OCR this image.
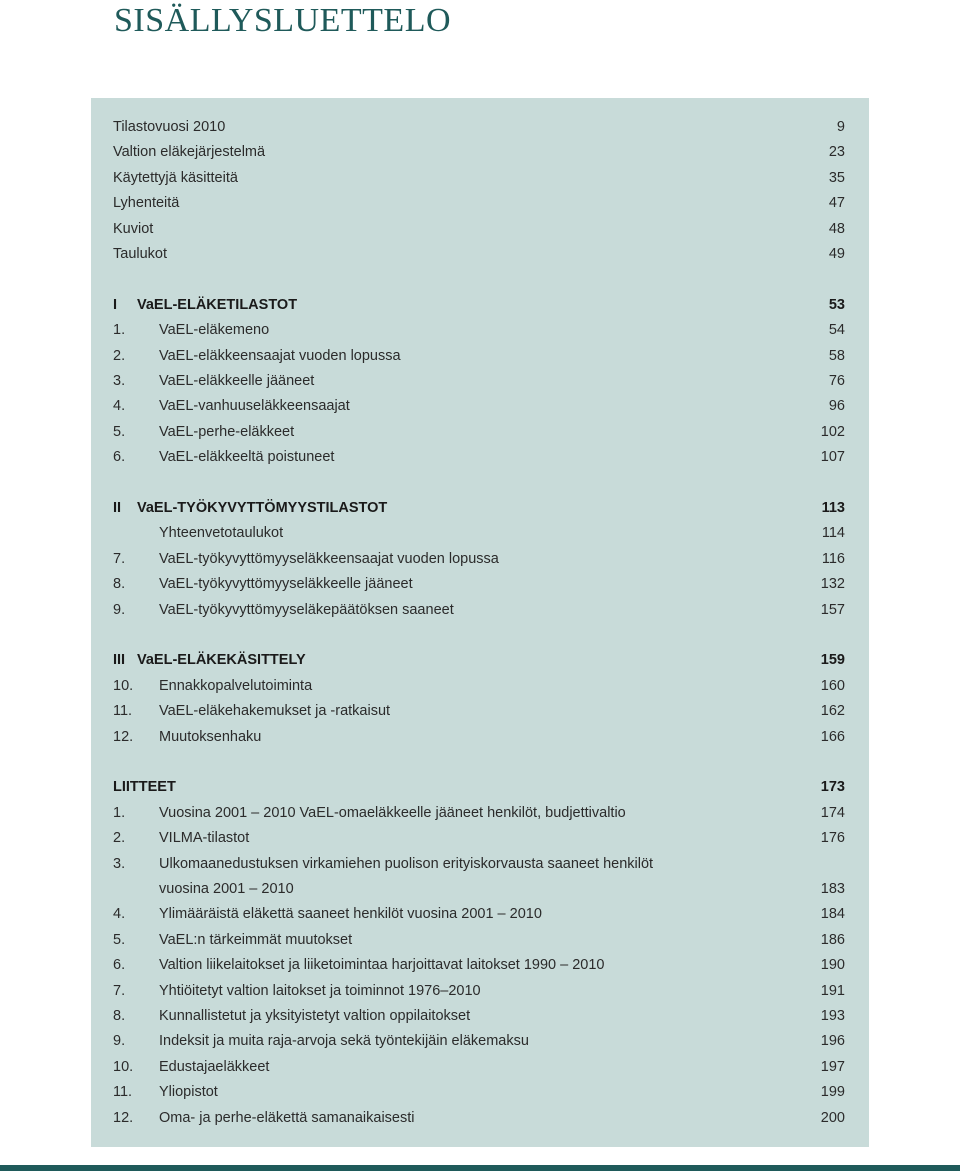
SISÄLLYSLUETTELO
Tilastovuosi 2010	9
Valtion eläkejärjestelmä	23
Käytettyjä käsitteitä	35
Lyhenteitä	47
Kuviot	48
Taulukot	49
I VaEL-ELÄKETILASTOT	53
1. VaEL-eläkemeno	54
2. VaEL-eläkkeensaajat vuoden lopussa	58
3. VaEL-eläkkeelle jääneet	76
4. VaEL-vanhuuseläkkeensaajat	96
5. VaEL-perhe-eläkkeet	102
6. VaEL-eläkkeeltä poistuneet	107
II VaEL-TYÖKYVYTTÖMYYSTILASTOT	113
Yhteenvetotaulukot	114
7. VaEL-työkyvyttömyyseläkkeensaajat vuoden lopussa	116
8. VaEL-työkyvyttömyyseläkkeelle jääneet	132
9. VaEL-työkyvyttömyyseläkepäätöksen saaneet	157
III VaEL-ELÄKEKÄSITTELY	159
10. Ennakkopalvelutoiminta	160
11. VaEL-eläkehakemukset ja -ratkaisut	162
12. Muutoksenhaku	166
LIITTEET	173
1. Vuosina 2001 – 2010 VaEL-omaeläkkeelle jääneet henkilöt, budjettivaltio	174
2. VILMA-tilastot	176
3. Ulkomaanedustuksen virkamiehen puolison erityiskorvausta saaneet henkilöt
vuosina 2001 – 2010	183
4. Ylimääräistä eläkettä saaneet henkilöt vuosina 2001 – 2010	184
5. VaEL:n tärkeimmät muutokset	186
6. Valtion liikelaitokset ja liiketoimintaa harjoittavat laitokset 1990 – 2010	190
7. Yhtiöitetyt valtion laitokset ja toiminnot 1976–2010	191
8. Kunnallistetut ja yksityistetyt valtion oppilaitokset	193
9. Indeksit ja muita raja-arvoja sekä työntekijäin eläkemaksu	196
10. Edustajaeläkkeet	197
11. Yliopistot	199
12. Oma- ja perhe-eläkettä samanaikaisesti	200
